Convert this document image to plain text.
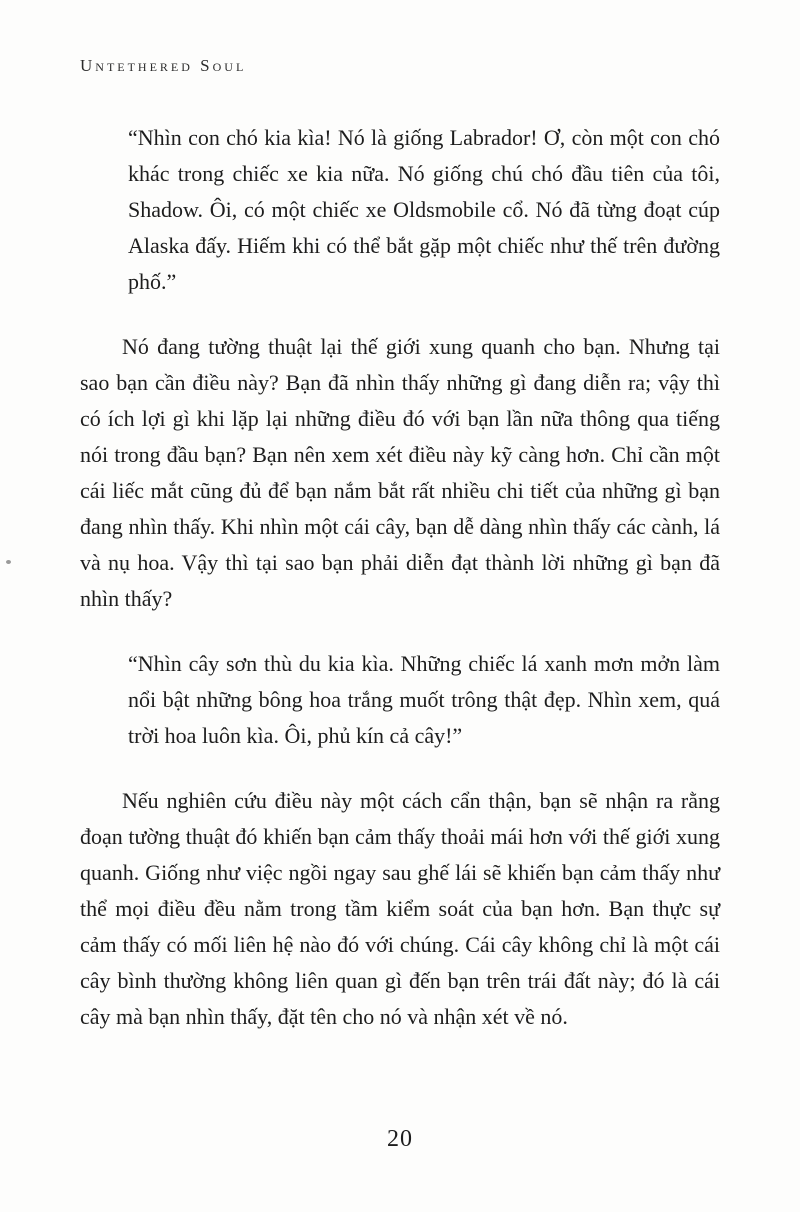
Untethered Soul

“Nhìn con chó kia kìa! Nó là giống Labrador! Ơ, còn một con chó khác trong chiếc xe kia nữa. Nó giống chú chó đầu tiên của tôi, Shadow. Ôi, có một chiếc xe Oldsmobile cổ. Nó đã từng đoạt cúp Alaska đấy. Hiếm khi có thể bắt gặp một chiếc như thế trên đường phố.”

Nó đang tường thuật lại thế giới xung quanh cho bạn. Nhưng tại sao bạn cần điều này? Bạn đã nhìn thấy những gì đang diễn ra; vậy thì có ích lợi gì khi lặp lại những điều đó với bạn lần nữa thông qua tiếng nói trong đầu bạn? Bạn nên xem xét điều này kỹ càng hơn. Chỉ cần một cái liếc mắt cũng đủ để bạn nắm bắt rất nhiều chi tiết của những gì bạn đang nhìn thấy. Khi nhìn một cái cây, bạn dễ dàng nhìn thấy các cành, lá và nụ hoa. Vậy thì tại sao bạn phải diễn đạt thành lời những gì bạn đã nhìn thấy?

“Nhìn cây sơn thù du kia kìa. Những chiếc lá xanh mơn mởn làm nổi bật những bông hoa trắng muốt trông thật đẹp. Nhìn xem, quá trời hoa luôn kìa. Ôi, phủ kín cả cây!”

Nếu nghiên cứu điều này một cách cẩn thận, bạn sẽ nhận ra rằng đoạn tường thuật đó khiến bạn cảm thấy thoải mái hơn với thế giới xung quanh. Giống như việc ngồi ngay sau ghế lái sẽ khiến bạn cảm thấy như thể mọi điều đều nằm trong tầm kiểm soát của bạn hơn. Bạn thực sự cảm thấy có mối liên hệ nào đó với chúng. Cái cây không chỉ là một cái cây bình thường không liên quan gì đến bạn trên trái đất này; đó là cái cây mà bạn nhìn thấy, đặt tên cho nó và nhận xét về nó.

20
